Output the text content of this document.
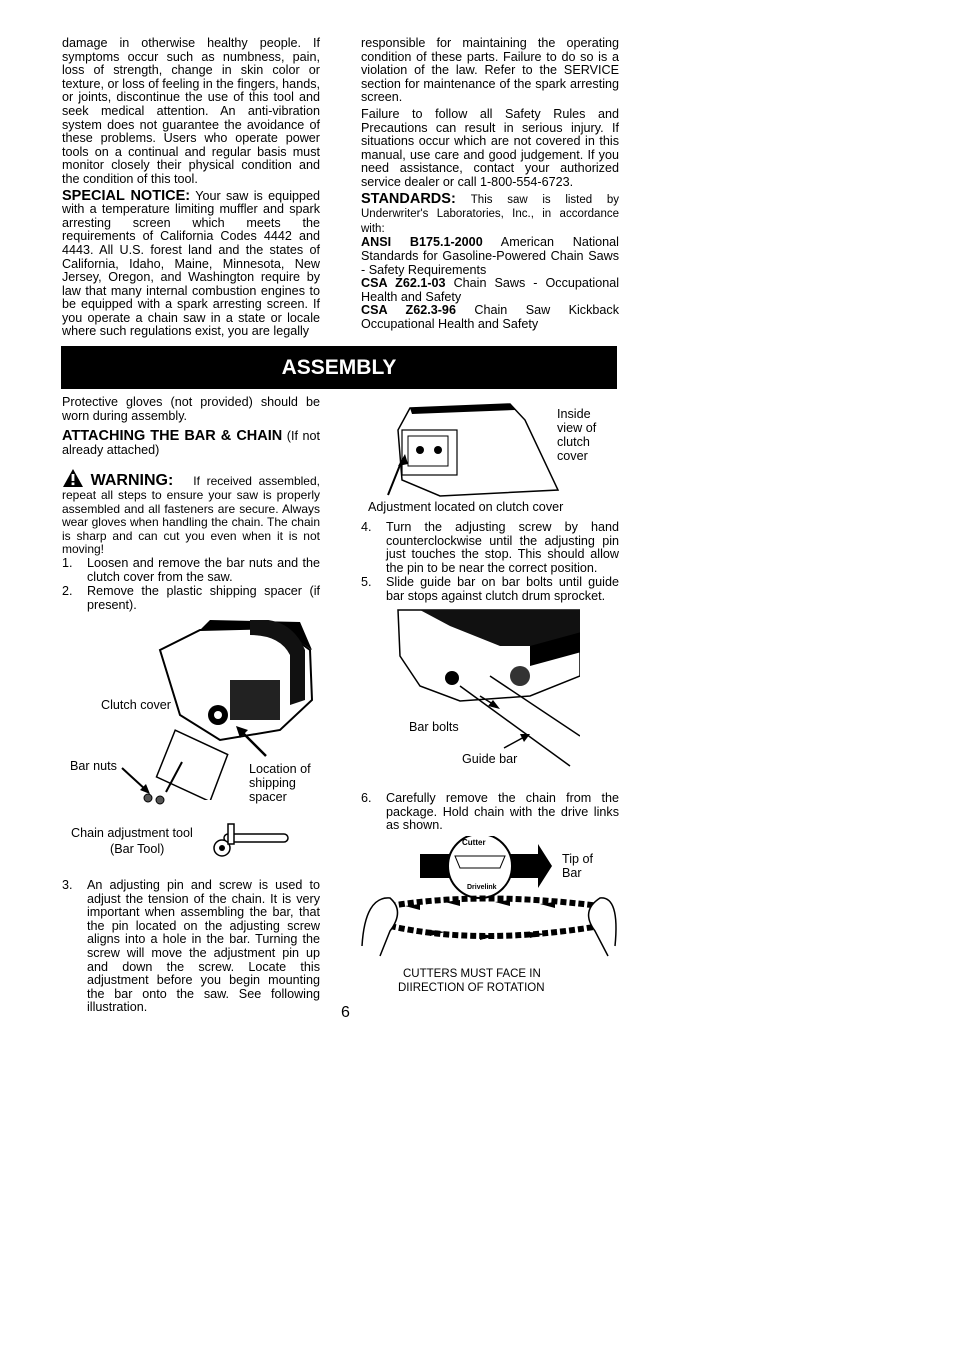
damage in otherwise healthy people. If symptoms occur such as numbness, pain, loss of strength, change in skin color or texture, or loss of feeling in the fingers, hands, or joints, discontinue the use of this tool and seek medical attention. An anti-vibration system does not guarantee the avoidance of these problems. Users who operate power tools on a continual and regular basis must monitor closely their physical condition and the condition of this tool.

SPECIAL NOTICE: Your saw is equipped with a temperature limiting muffler and spark arresting screen which meets the requirements of California Codes 4442 and 4443. All U.S. forest land and the states of California, Idaho, Maine, Minnesota, New Jersey, Oregon, and Washington require by law that many internal combustion engines to be equipped with a spark arresting screen. If you operate a chain saw in a state or locale where such regulations exist, you are legally

responsible for maintaining the operating condition of these parts. Failure to do so is a violation of the law. Refer to the SERVICE section for maintenance of the spark arresting screen.

Failure to follow all Safety Rules and Precautions can result in serious injury. If situations occur which are not covered in this manual, use care and good judgement. If you need assistance, contact your authorized service dealer or call 1-800-554-6723.

STANDARDS: This saw is listed by Underwriter's Laboratories, Inc., in accordance with:

ANSI B175.1-2000 American National Standards for Gasoline-Powered Chain Saws - Safety Requirements

CSA Z62.1-03 Chain Saws - Occupational Health and Safety

CSA Z62.3-96 Chain Saw Kickback Occupational Health and Safety

ASSEMBLY

Protective gloves (not provided) should be worn during assembly.

ATTACHING THE BAR & CHAIN (If not already attached)

WARNING: If received assembled, repeat all steps to ensure your saw is properly assembled and all fasteners are secure. Always wear gloves when handling the chain. The chain is sharp and can cut you even when it is not moving!

1. Loosen and remove the bar nuts and the clutch cover from the saw.
2. Remove the plastic shipping spacer (if present).
Clutch cover
Bar nuts	Location of shipping spacer
Chain adjustment tool
(Bar Tool)
3. An adjusting pin and screw is used to adjust the tension of the chain. It is very important when assembling the bar, that the pin located on the adjusting screw aligns into a hole in the bar. Turning the screw will move the adjustment pin up and down the screw. Locate this adjustment before you begin mounting the bar onto the saw. See following illustration.
Inside view of clutch cover
Adjustment located on clutch cover
4. Turn the adjusting screw by hand counterclockwise until the adjusting pin just touches the stop. This should allow the pin to be near the correct position.
5. Slide guide bar on bar bolts until guide bar stops against clutch drum sprocket.
Bar bolts
Guide bar
6. Carefully remove the chain from the package. Hold chain with the drive links as shown.
Cutter
Drivelink
Tip of Bar
CUTTERS MUST FACE IN
DIIRECTION OF ROTATION
6
